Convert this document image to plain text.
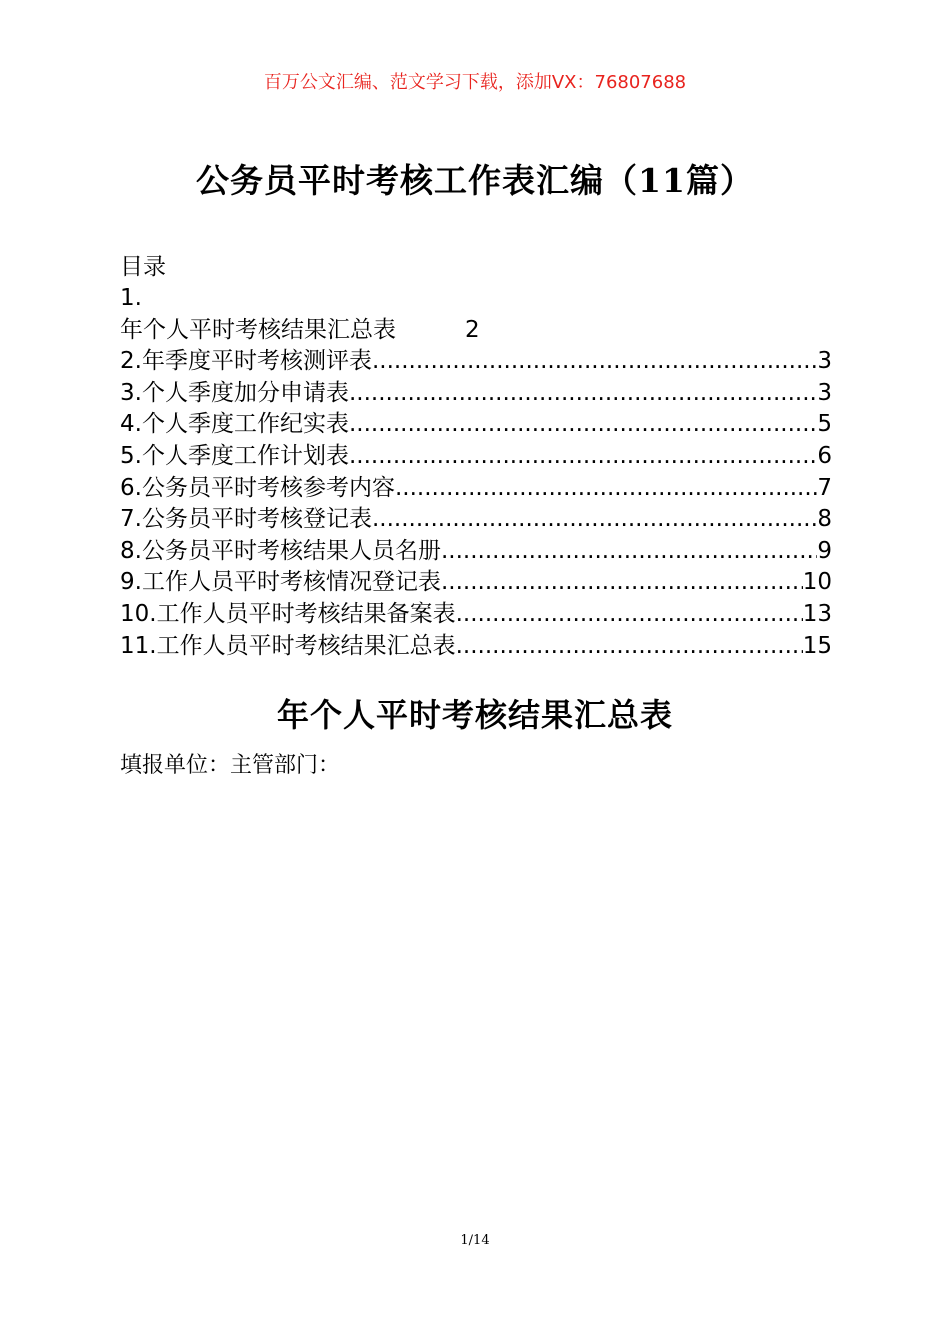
百万公文汇编、范文学习下载，添加VX：76807688
公务员平时考核工作表汇编（11篇）
目录
1.
年个人平时考核结果汇总表	2
2.年季度平时考核测评表 .....	3
3.个人季度加分申请表 .....	3
4.个人季度工作纪实表 .....	5
5.个人季度工作计划表 .....	6
6.公务员平时考核参考内容 .....	7
7.公务员平时考核登记表 .....	8
8.公务员平时考核结果人员名册 .....	9
9.工作人员平时考核情况登记表 .....	10
10.工作人员平时考核结果备案表 .....	13
11.工作人员平时考核结果汇总表 .....	15
年个人平时考核结果汇总表
填报单位：主管部门：
1/14
